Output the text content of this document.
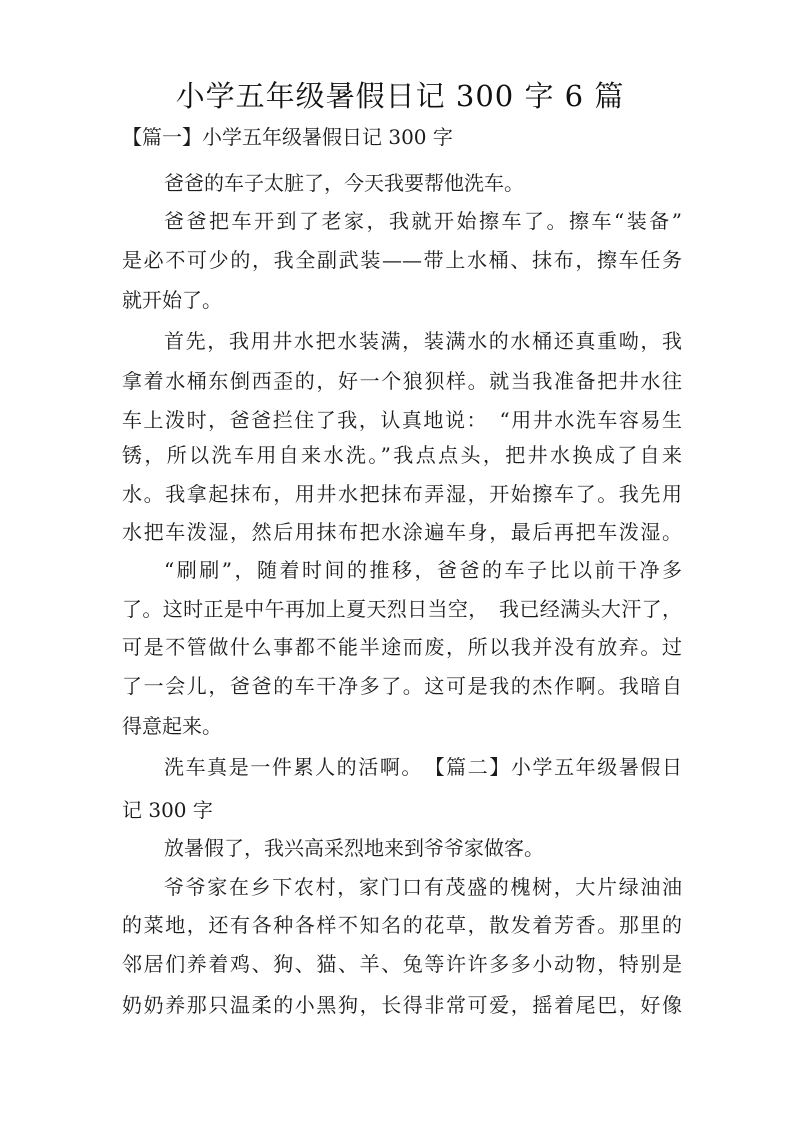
小学五年级暑假日记 300 字 6 篇
【篇一】小学五年级暑假日记 300 字
爸爸的车子太脏了，今天我要帮他洗车。
爸爸把车开到了老家，我就开始擦车了。擦车“装备”
是必不可少的，我全副武装——带上水桶、抹布，擦车任务
就开始了。
首先，我用井水把水装满，装满水的水桶还真重呦，我
拿着水桶东倒西歪的，好一个狼狈样。就当我准备把井水往
车上泼时，爸爸拦住了我，认真地说：　“用井水洗车容易生
锈，所以洗车用自来水洗。”我点点头，把井水换成了自来
水。我拿起抹布，用井水把抹布弄湿，开始擦车了。我先用
水把车泼湿，然后用抹布把水涂遍车身，最后再把车泼湿。
“刷刷”，随着时间的推移，爸爸的车子比以前干净多
了。这时正是中午再加上夏天烈日当空，　我已经满头大汗了，
可是不管做什么事都不能半途而废，所以我并没有放弃。过
了一会儿，爸爸的车干净多了。这可是我的杰作啊。我暗自
得意起来。
洗车真是一件累人的活啊。　【篇二】小学五年级暑假日
记 300 字
放暑假了，我兴高采烈地来到爷爷家做客。
爷爷家在乡下农村，家门口有茂盛的槐树，大片绿油油
的菜地，还有各种各样不知名的花草，散发着芳香。那里的
邻居们养着鸡、狗、猫、羊、兔等许许多多小动物，特别是
奶奶养那只温柔的小黑狗，长得非常可爱，摇着尾巴，好像
